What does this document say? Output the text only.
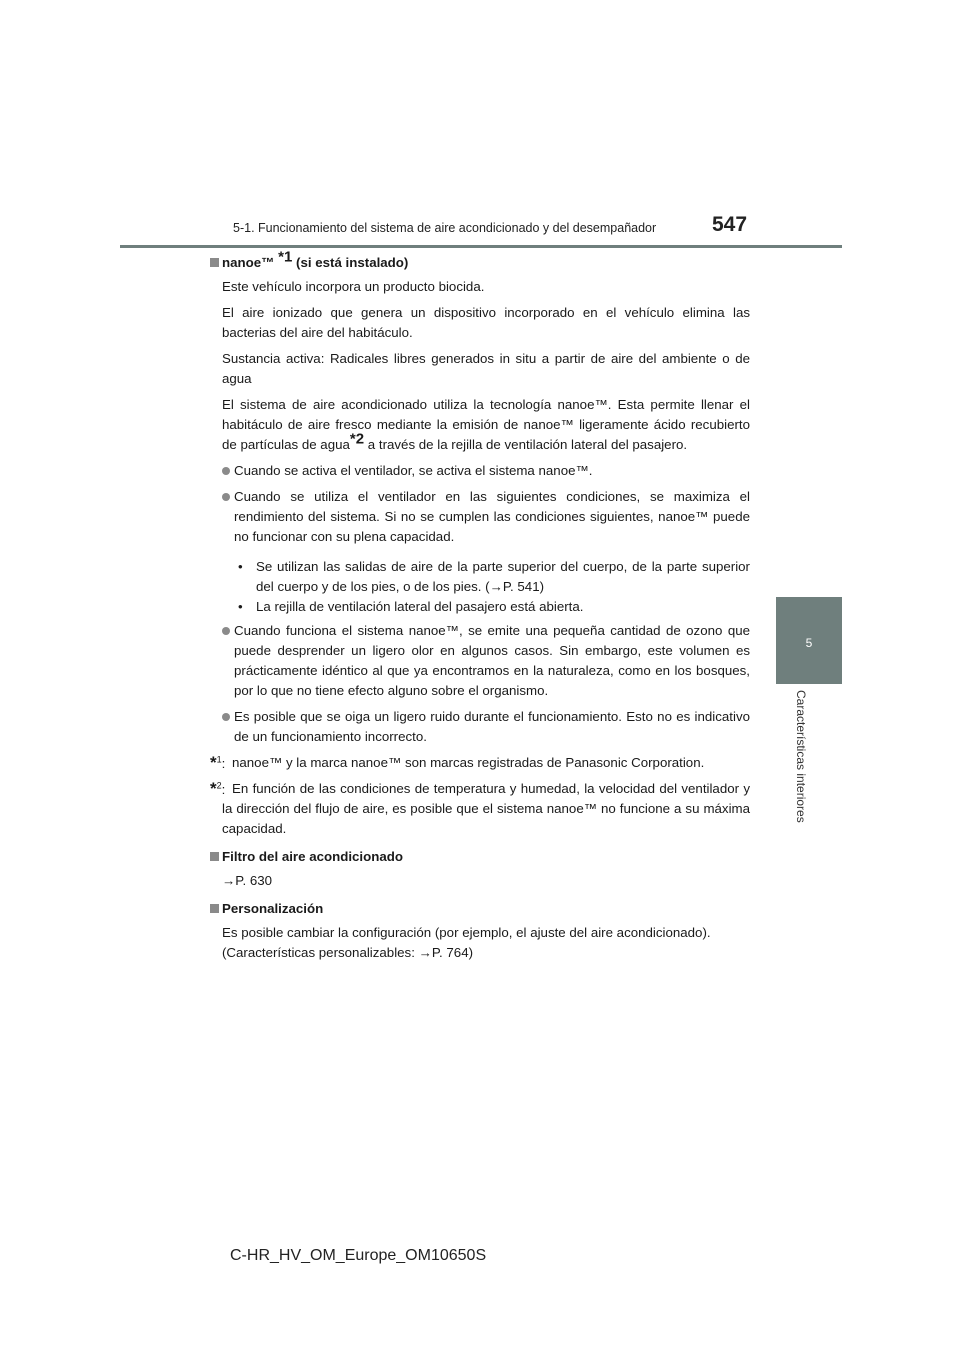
5-1. Funcionamiento del sistema de aire acondicionado y del desempañador	547
5
Características interiores
nanoe™ $^{*1}$ (si está instalado)

Este vehículo incorpora un producto biocida.

El aire ionizado que genera un dispositivo incorporado en el vehículo elimina las bacterias del aire del habitáculo.

Sustancia activa: Radicales libres generados in situ a partir de aire del ambiente o de agua

El sistema de aire acondicionado utiliza la tecnología nanoe™. Esta permite llenar el habitáculo de aire fresco mediante la emisión de nanoe™ ligeramente ácido recubierto de partículas de agua$^{*2}$ a través de la rejilla de ventilación lateral del pasajero.

Cuando se activa el ventilador, se activa el sistema nanoe™.
Cuando se utiliza el ventilador en las siguientes condiciones, se maximiza el rendimiento del sistema. Si no se cumplen las condiciones siguientes, nanoe™ puede no funcionar con su plena capacidad.
• Se utilizan las salidas de aire de la parte superior del cuerpo, de la parte superior del cuerpo y de los pies, o de los pies. (→P. 541)
• La rejilla de ventilación lateral del pasajero está abierta.
Cuando funciona el sistema nanoe™, se emite una pequeña cantidad de ozono que puede desprender un ligero olor en algunos casos. Sin embargo, este volumen es prácticamente idéntico al que ya encontramos en la naturaleza, como en los bosques, por lo que no tiene efecto alguno sobre el organismo.
Es posible que se oiga un ligero ruido durante el funcionamiento. Esto no es indicativo de un funcionamiento incorrecto.
*$^1$: nanoe™ y la marca nanoe™ son marcas registradas de Panasonic Corporation.
*$^2$: En función de las condiciones de temperatura y humedad, la velocidad del ventilador y la dirección del flujo de aire, es posible que el sistema nanoe™ no funcione a su máxima capacidad.
Filtro del aire acondicionado

→P. 630

Personalización

Es posible cambiar la configuración (por ejemplo, el ajuste del aire acondicionado).

(Características personalizables: →P. 764)

C-HR_HV_OM_Europe_OM10650S
